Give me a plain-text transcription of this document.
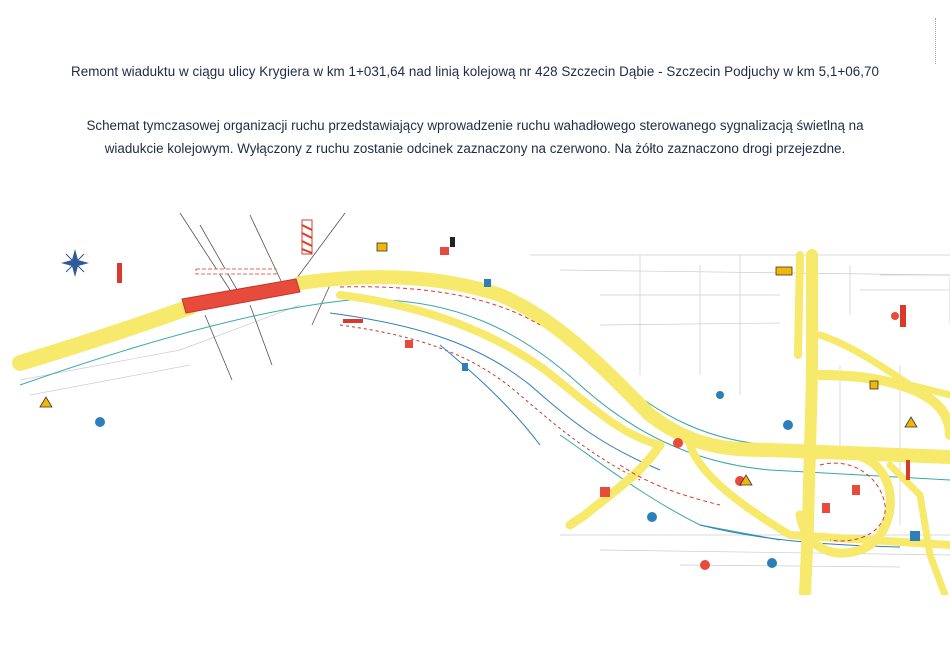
Remont wiaduktu w ciągu ulicy Krygiera w km 1+031,64 nad linią kolejową nr 428 Szczecin Dąbie - Szczecin Podjuchy w km 5,1+06,70
Schemat tymczasowej organizacji ruchu przedstawiający wprowadzenie ruchu wahadłowego sterowanego sygnalizacją świetlną na
wiadukcie kolejowym. Wyłączony z ruchu zostanie odcinek zaznaczony na czerwono. Na żółto zaznaczono drogi przejezdne.
